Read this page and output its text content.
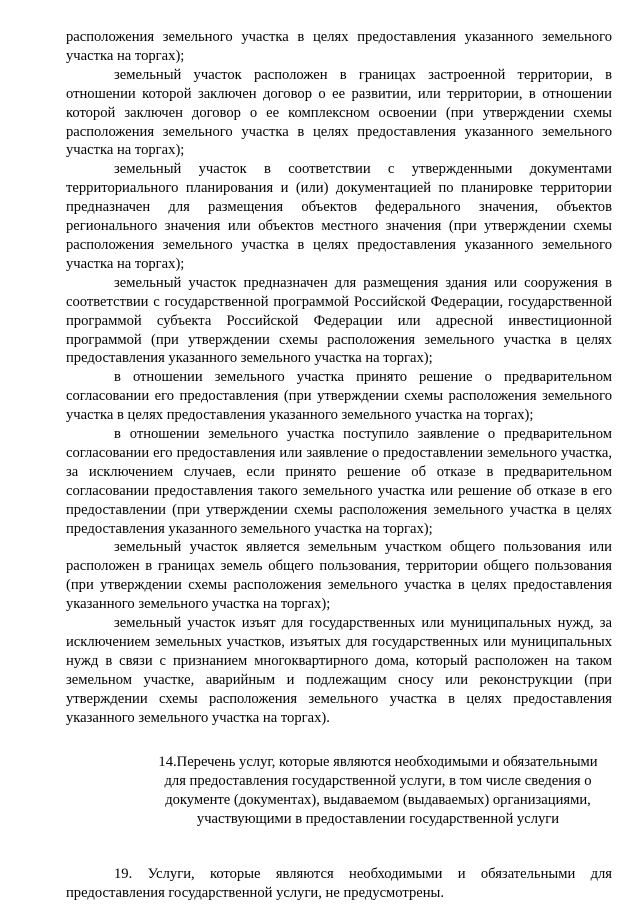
расположения земельного участка в целях предоставления указанного земельного участка на торгах);

земельный участок расположен в границах застроенной территории, в отношении которой заключен договор о ее развитии, или территории, в отношении которой заключен договор о ее комплексном освоении (при утверждении схемы расположения земельного участка в целях предоставления указанного земельного участка на торгах);

земельный участок в соответствии с утвержденными документами территориального планирования и (или) документацией по планировке территории предназначен для размещения объектов федерального значения, объектов регионального значения или объектов местного значения (при утверждении схемы расположения земельного участка в целях предоставления указанного земельного участка на торгах);

земельный участок предназначен для размещения здания или сооружения в соответствии с государственной программой Российской Федерации, государственной программой субъекта Российской Федерации или адресной инвестиционной программой (при утверждении схемы расположения земельного участка в целях предоставления указанного земельного участка на торгах);

в отношении земельного участка принято решение о предварительном согласовании его предоставления (при утверждении схемы расположения земельного участка в целях предоставления указанного земельного участка на торгах);

в отношении земельного участка поступило заявление о предварительном согласовании его предоставления или заявление о предоставлении земельного участка, за исключением случаев, если принято решение об отказе в предварительном согласовании предоставления такого земельного участка или решение об отказе в его предоставлении (при утверждении схемы расположения земельного участка в целях предоставления указанного земельного участка на торгах);

земельный участок является земельным участком общего пользования или расположен в границах земель общего пользования, территории общего пользования (при утверждении схемы расположения земельного участка в целях предоставления указанного земельного участка на торгах);

земельный участок изъят для государственных или муниципальных нужд, за исключением земельных участков, изъятых для государственных или муниципальных нужд в связи с признанием многоквартирного дома, который расположен на таком земельном участке, аварийным и подлежащим сносу или реконструкции (при утверждении схемы расположения земельного участка в целях предоставления указанного земельного участка на торгах).

14.Перечень услуг, которые являются необходимыми и обязательными
для предоставления государственной услуги, в том числе сведения о
документе (документах), выдаваемом (выдаваемых) организациями,
участвующими в предоставлении государственной услуги

19. Услуги, которые являются необходимыми и обязательными для предоставления государственной услуги, не предусмотрены.
